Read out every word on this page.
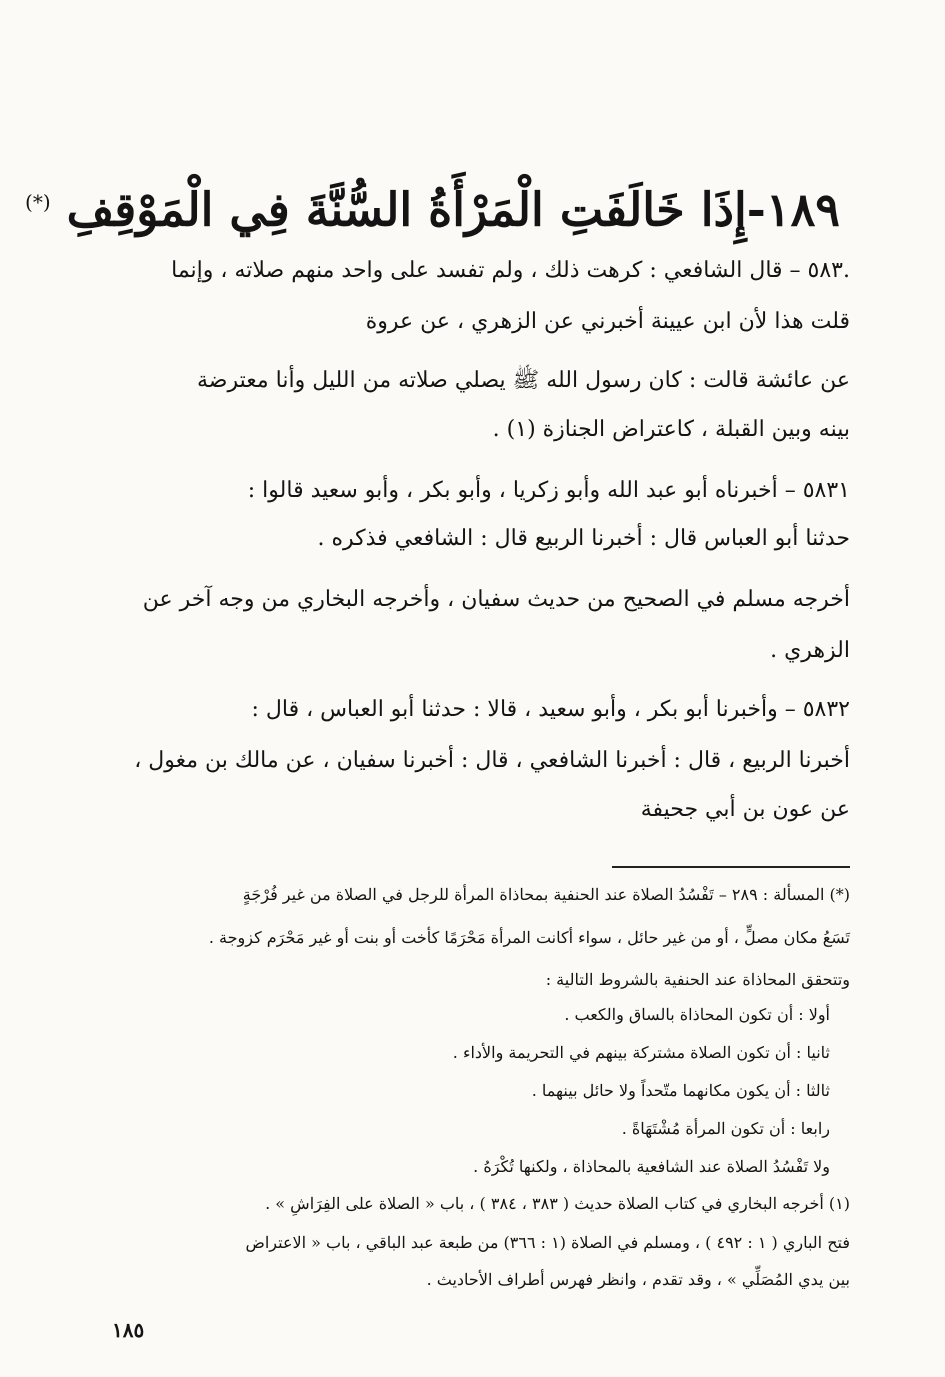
١٨٩-إِذَا خَالَفَتِ الْمَرْأَةُ السُّنَّةَ فِي الْمَوْقِفِ (*)
.٥٨٣ – قال الشافعي : كرهت ذلك ، ولم تفسد على واحد منهم صلاته ، وإنما
قلت هذا لأن ابن عيينة أخبرني عن الزهري ، عن عروة
عن عائشة قالت : كان رسول الله ﷺ يصلي صلاته من الليل وأنا معترضة
بينه وبين القبلة ، كاعتراض الجنازة (١) .
٥٨٣١ – أخبرناه أبو عبد الله وأبو زكريا ، وأبو بكر ، وأبو سعيد قالوا :
حدثنا أبو العباس قال : أخبرنا الربيع قال : الشافعي فذكره .
أخرجه مسلم في الصحيح من حديث سفيان ، وأخرجه البخاري من وجه آخر عن
الزهري .
٥٨٣٢ – وأخبرنا أبو بكر ، وأبو سعيد ، قالا : حدثنا أبو العباس ، قال :
أخبرنا الربيع ، قال : أخبرنا الشافعي ، قال : أخبرنا سفيان ، عن مالك بن مغول ،
عن عون بن أبي جحيفة
(*) المسألة : ٢٨٩ – تَفْسُدُ الصلاة عند الحنفية بمحاذاة المرأة للرجل في الصلاة من غير فُرْجَةٍ
تَسَعُ مكان مصلٍّ ، أو من غير حائل ، سواء أكانت المرأة مَحْرَمًا كأخت أو بنت أو غير مَحْرَم كزوجة .
وتتحقق المحاذاة عند الحنفية بالشروط التالية :
أولا : أن تكون المحاذاة بالساق والكعب .
ثانيا : أن تكون الصلاة مشتركة بينهم في التحريمة والأداء .
ثالثا : أن يكون مكانهما متّحداً ولا حائل بينهما .
رابعا : أن تكون المرأة مُشْتَهَاةً .
ولا تَفْسُدُ الصلاة عند الشافعية بالمحاذاة ، ولكنها تُكْرَهُ .
(١) أخرجه البخاري في كتاب الصلاة حديث ( ٣٨٣ ، ٣٨٤ ) ، باب « الصلاة على الفِرَاشِ » .
فتح الباري ( ١ : ٤٩٢ ) ، ومسلم في الصلاة (١ : ٣٦٦) من طبعة عبد الباقي ، باب « الاعتراض
بين يدي المُصَلِّي » ، وقد تقدم ، وانظر فهرس أطراف الأحاديث .
١٨٥
